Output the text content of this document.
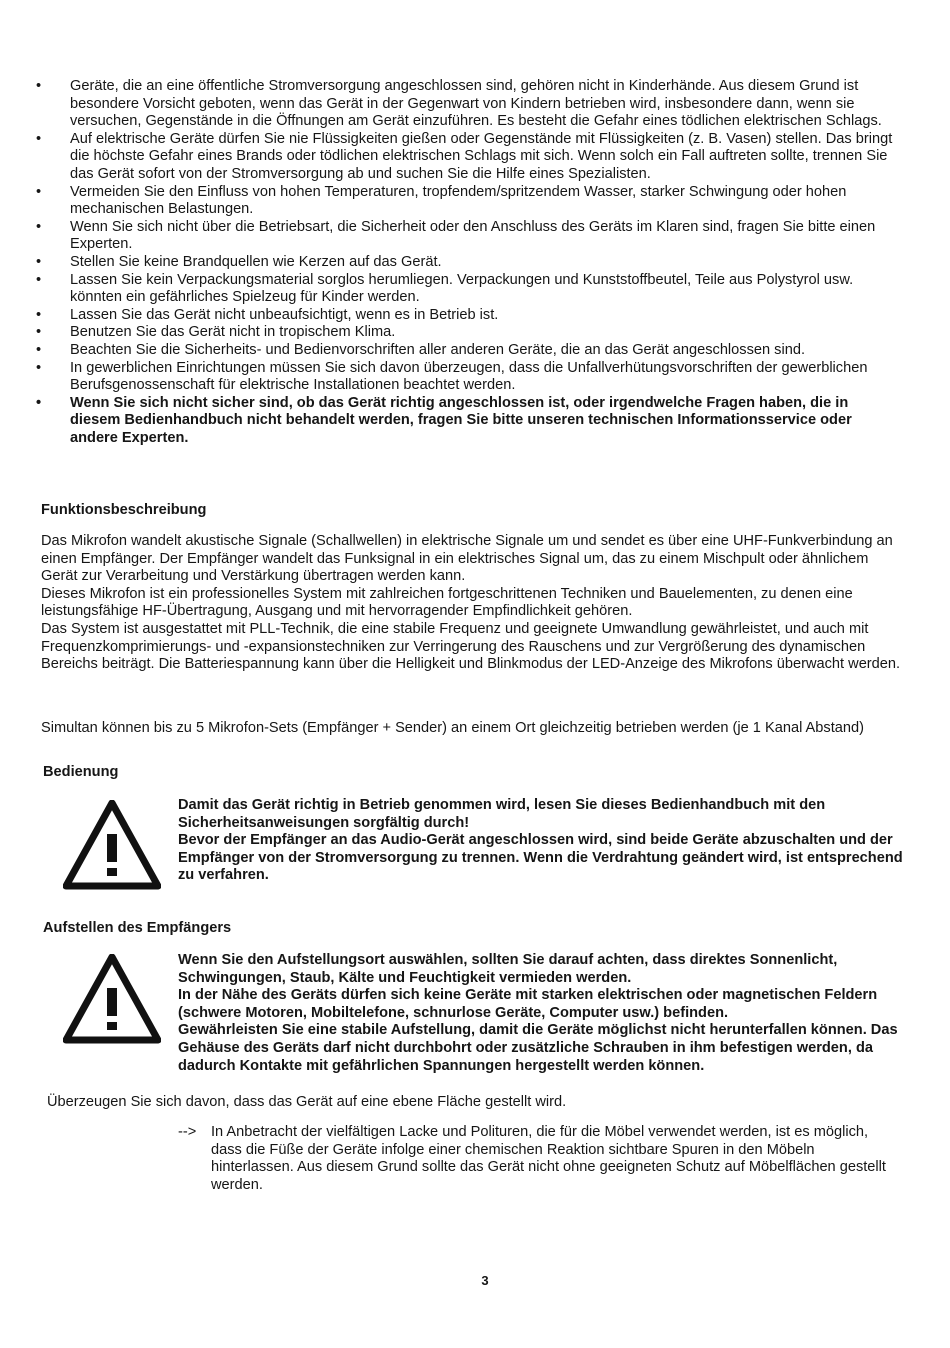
•	Geräte, die an eine öffentliche Stromversorgung angeschlossen sind, gehören nicht in Kinderhände. Aus diesem Grund ist besondere Vorsicht geboten, wenn das Gerät in der Gegenwart von Kindern betrieben wird, insbesondere dann, wenn sie versuchen, Gegenstände in die Öffnungen am Gerät einzuführen. Es besteht die Gefahr eines tödlichen elektrischen Schlags.
•	Auf elektrische Geräte dürfen Sie nie Flüssigkeiten gießen oder Gegenstände mit Flüssigkeiten (z. B. Vasen) stellen. Das bringt die höchste Gefahr eines Brands oder tödlichen elektrischen Schlags mit sich. Wenn solch ein Fall auftreten sollte, trennen Sie das Gerät sofort von der Stromversorgung ab und suchen Sie die Hilfe eines Spezialisten.
•	Vermeiden Sie den Einfluss von hohen Temperaturen, tropfendem/spritzendem Wasser, starker Schwingung oder hohen mechanischen Belastungen.
•	Wenn Sie sich nicht über die Betriebsart, die Sicherheit oder den Anschluss des Geräts im Klaren sind, fragen Sie bitte einen Experten.
•	Stellen Sie keine Brandquellen wie Kerzen auf das Gerät.
•	Lassen Sie kein Verpackungsmaterial sorglos herumliegen. Verpackungen und Kunststoffbeutel, Teile aus Polystyrol usw. könnten ein gefährliches Spielzeug für Kinder werden.
•	Lassen Sie das Gerät nicht unbeaufsichtigt, wenn es in Betrieb ist.
•	Benutzen Sie das Gerät nicht in tropischem Klima.
•	Beachten Sie die Sicherheits- und Bedienvorschriften aller anderen Geräte, die an das Gerät angeschlossen sind.
•	In gewerblichen Einrichtungen müssen Sie sich davon überzeugen, dass die Unfallverhütungsvorschriften der gewerblichen Berufsgenossenschaft für elektrische Installationen beachtet werden.
•	Wenn Sie sich nicht sicher sind, ob das Gerät richtig angeschlossen ist, oder irgendwelche Fragen haben, die in diesem Bedienhandbuch nicht behandelt werden, fragen Sie bitte unseren technischen Informationsservice oder andere Experten.
Funktionsbeschreibung

Das Mikrofon wandelt akustische Signale (Schallwellen) in elektrische Signale um und sendet es über eine UHF-Funkverbindung an einen Empfänger. Der Empfänger wandelt das Funksignal in ein elektrisches Signal um, das zu einem Mischpult oder ähnlichem Gerät zur Verarbeitung und Verstärkung übertragen werden kann.

Dieses Mikrofon ist ein professionelles System mit zahlreichen fortgeschrittenen Techniken und Bauelementen, zu denen eine leistungsfähige HF-Übertragung, Ausgang und mit hervorragender Empfindlichkeit gehören.

Das System ist ausgestattet mit PLL-Technik, die eine stabile Frequenz und geeignete Umwandlung gewährleistet, und auch mit Frequenzkomprimierungs- und -expansionstechniken zur Verringerung des Rauschens und zur Vergrößerung des dynamischen Bereichs beiträgt. Die Batteriespannung kann über die Helligkeit und Blinkmodus der LED-Anzeige des Mikrofons überwacht werden.

Simultan können bis zu 5 Mikrofon-Sets (Empfänger + Sender) an einem Ort gleichzeitig betrieben werden (je 1 Kanal Abstand)
Bedienung

Damit das Gerät richtig in Betrieb genommen wird, lesen Sie dieses Bedienhandbuch mit den Sicherheitsanweisungen sorgfältig durch!

Bevor der Empfänger an das Audio-Gerät angeschlossen wird, sind beide Geräte abzuschalten und der Empfänger von der Stromversorgung zu trennen. Wenn die Verdrahtung geändert wird, ist entsprechend zu verfahren.

Aufstellen des Empfängers

Wenn Sie den Aufstellungsort auswählen, sollten Sie darauf achten, dass direktes Sonnenlicht, Schwingungen, Staub, Kälte und Feuchtigkeit vermieden werden.

In der Nähe des Geräts dürfen sich keine Geräte mit starken elektrischen oder magnetischen Feldern (schwere Motoren, Mobiltelefone, schnurlose Geräte, Computer usw.) befinden.

Gewährleisten Sie eine stabile Aufstellung, damit die Geräte möglichst nicht herunterfallen können. Das Gehäuse des Geräts darf nicht durchbohrt oder zusätzliche Schrauben in ihm befestigen werden, da dadurch Kontakte mit gefährlichen Spannungen hergestellt werden können.

Überzeugen Sie sich davon, dass das Gerät auf eine ebene Fläche gestellt wird.
--> In Anbetracht der vielfältigen Lacke und Polituren, die für die Möbel verwendet werden, ist es möglich, dass die Füße der Geräte infolge einer chemischen Reaktion sichtbare Spuren in den Möbeln hinterlassen. Aus diesem Grund sollte das Gerät nicht ohne geeigneten Schutz auf Möbelflächen gestellt werden.
3
